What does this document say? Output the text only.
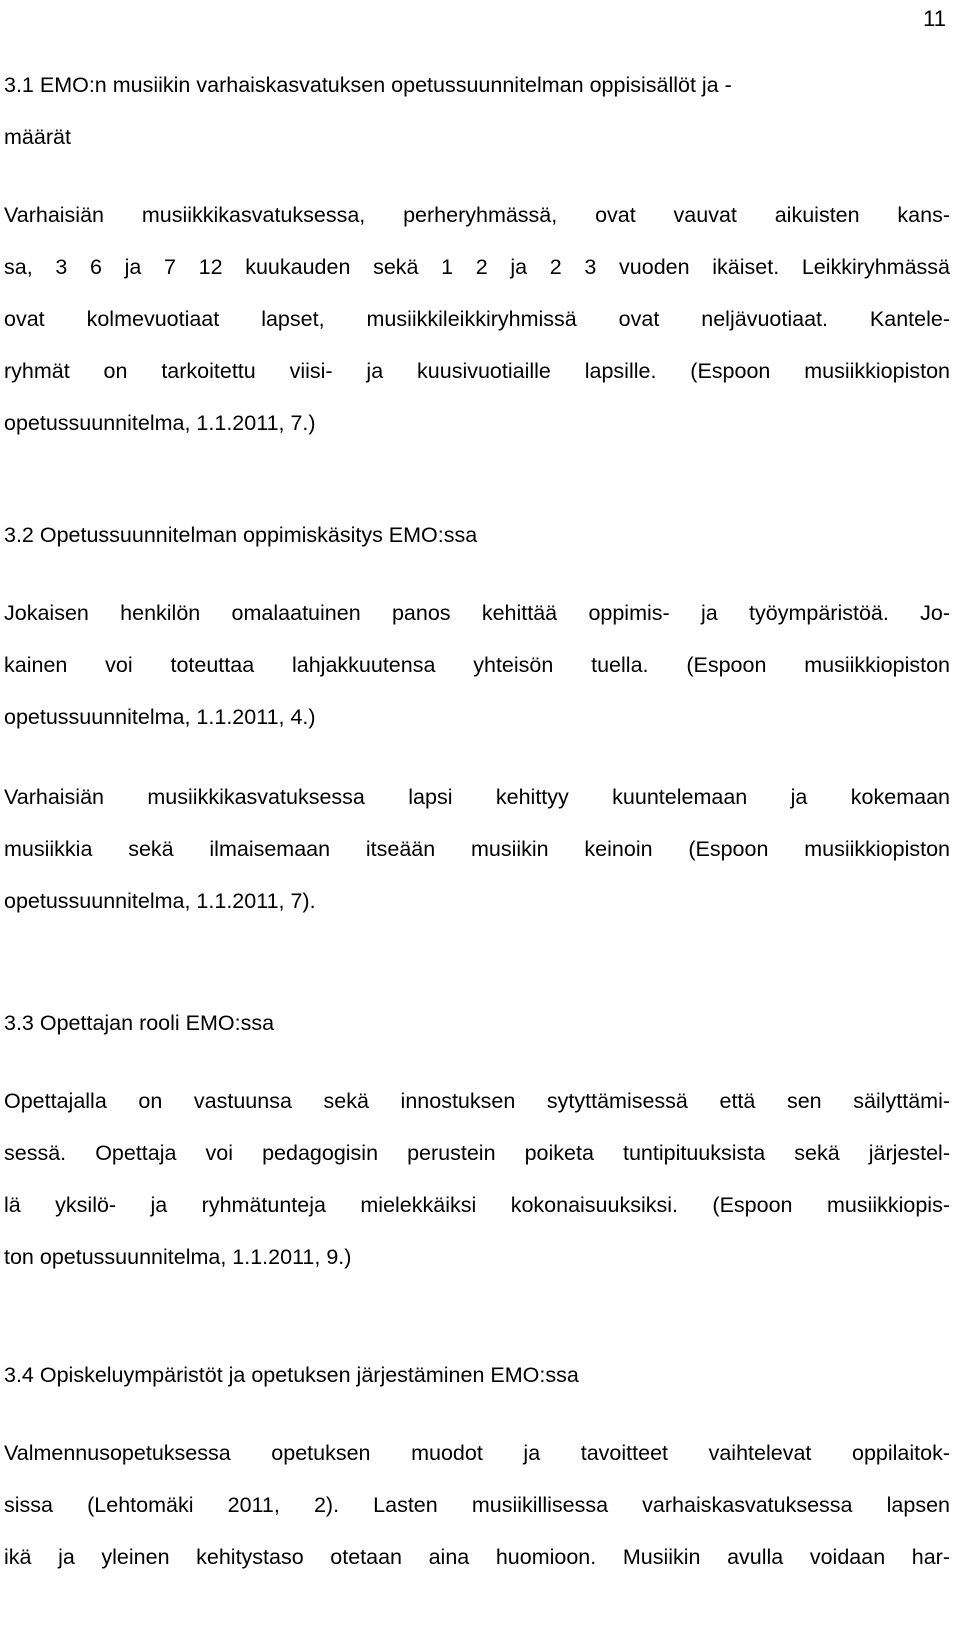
11
3.1 EMO:n musiikin varhaiskasvatuksen opetussuunnitelman oppisisällöt ja -
määrät
Varhaisiän musiikkikasvatuksessa, perheryhmässä, ovat vauvat aikuisten kans-
sa, 3 6 ja 7 12 kuukauden sekä 1 2 ja 2 3 vuoden ikäiset. Leikkiryhmässä
ovat kolmevuotiaat lapset, musiikkileikkiryhmissä ovat neljävuotiaat. Kantele-
ryhmät on tarkoitettu viisi- ja kuusivuotiaille lapsille. (Espoon musiikkiopiston
opetussuunnitelma, 1.1.2011, 7.)
3.2 Opetussuunnitelman oppimiskäsitys EMO:ssa
Jokaisen henkilön omalaatuinen panos kehittää oppimis- ja työympäristöä. Jo-
kainen voi toteuttaa lahjakkuutensa yhteisön tuella. (Espoon musiikkiopiston
opetussuunnitelma, 1.1.2011, 4.)
Varhaisiän musiikkikasvatuksessa lapsi kehittyy kuuntelemaan ja kokemaan
musiikkia sekä ilmaisemaan itseään musiikin keinoin (Espoon musiikkiopiston
opetussuunnitelma, 1.1.2011, 7).
3.3 Opettajan rooli EMO:ssa
Opettajalla on vastuunsa sekä innostuksen sytyttämisessä että sen säilyttämi-
sessä. Opettaja voi pedagogisin perustein poiketa tuntipituuksista sekä järjestel-
lä yksilö- ja ryhmätunteja mielekkäiksi kokonaisuuksiksi. (Espoon musiikkiopis-
ton opetussuunnitelma, 1.1.2011, 9.)
3.4 Opiskeluympäristöt ja opetuksen järjestäminen EMO:ssa
Valmennusopetuksessa opetuksen muodot ja tavoitteet vaihtelevat oppilaitok-
sissa (Lehtomäki 2011, 2). Lasten musiikillisessa varhaiskasvatuksessa lapsen
ikä ja yleinen kehitystaso otetaan aina huomioon. Musiikin avulla voidaan har-
